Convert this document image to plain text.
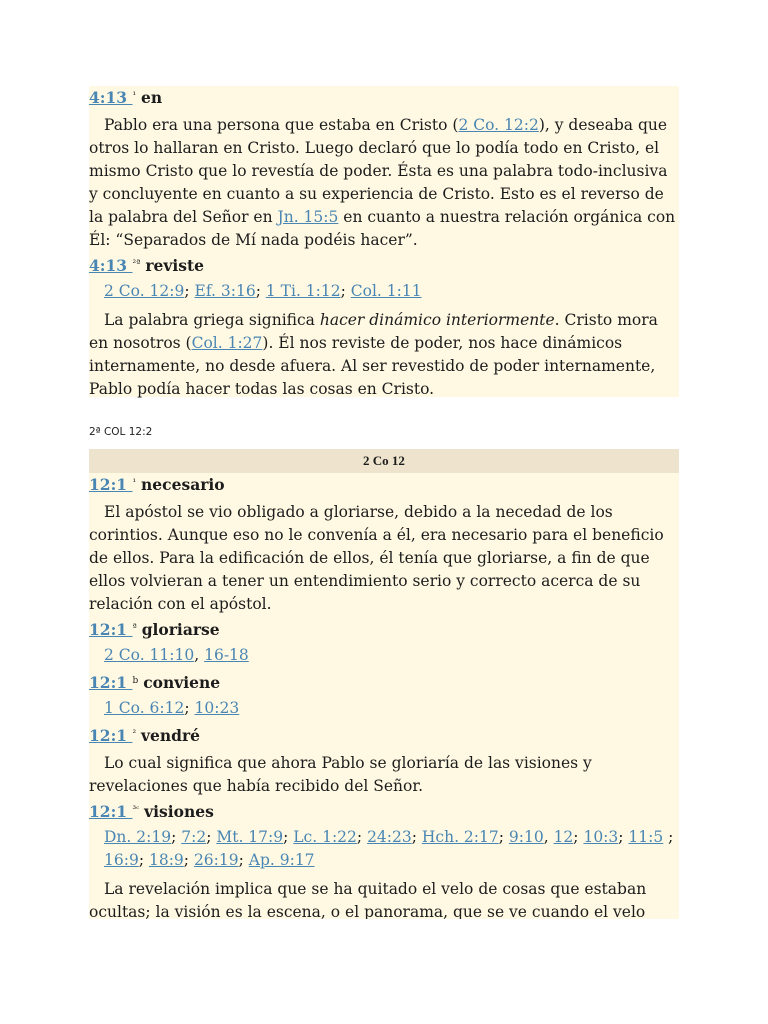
4:13 $^{^1}$ en
Pablo era una persona que estaba en Cristo (2 Co. 12:2), y deseaba que otros lo hallaran en Cristo. Luego declaró que lo podía todo en Cristo, el mismo Cristo que lo revestía de poder. Ésta es una palabra todo-inclusiva y concluyente en cuanto a su experiencia de Cristo. Esto es el reverso de la palabra del Señor en Jn. 15:5 en cuanto a nuestra relación orgánica con Él: “Separados de Mí nada podéis hacer”.
4:13 $^{^2ª}$ reviste
2 Co. 12:9; Ef. 3:16; 1 Ti. 1:12; Col. 1:11
La palabra griega significa hacer dinámico interiormente. Cristo mora en nosotros (Col. 1:27). Él nos reviste de poder, nos hace dinámicos internamente, no desde afuera. Al ser revestido de poder internamente, Pablo podía hacer todas las cosas en Cristo.
2ª COL 12:2
2 Co 12
12:1 $^{^1}$ necesario
El apóstol se vio obligado a gloriarse, debido a la necedad de los corintios. Aunque eso no le convenía a él, era necesario para el beneficio de ellos. Para la edificación de ellos, él tenía que gloriarse, a fin de que ellos volvieran a tener un entendimiento serio y correcto acerca de su relación con el apóstol.
12:1 $^ª$ gloriarse
2 Co. 11:10, 16-18
12:1 $^b$ conviene
1 Co. 6:12; 10:23
12:1 $^{^2}$ vendré
Lo cual significa que ahora Pablo se gloriaría de las visiones y revelaciones que había recibido del Señor.
12:1 $^{^3ᶜ}$ visiones
Dn. 2:19; 7:2; Mt. 17:9; Lc. 1:22; 24:23; Hch. 2:17; 9:10, 12; 10:3; 11:5 ; 16:9; 18:9; 26:19; Ap. 9:17
La revelación implica que se ha quitado el velo de cosas que estaban ocultas; la visión es la escena, o el panorama, que se ve cuando el velo
